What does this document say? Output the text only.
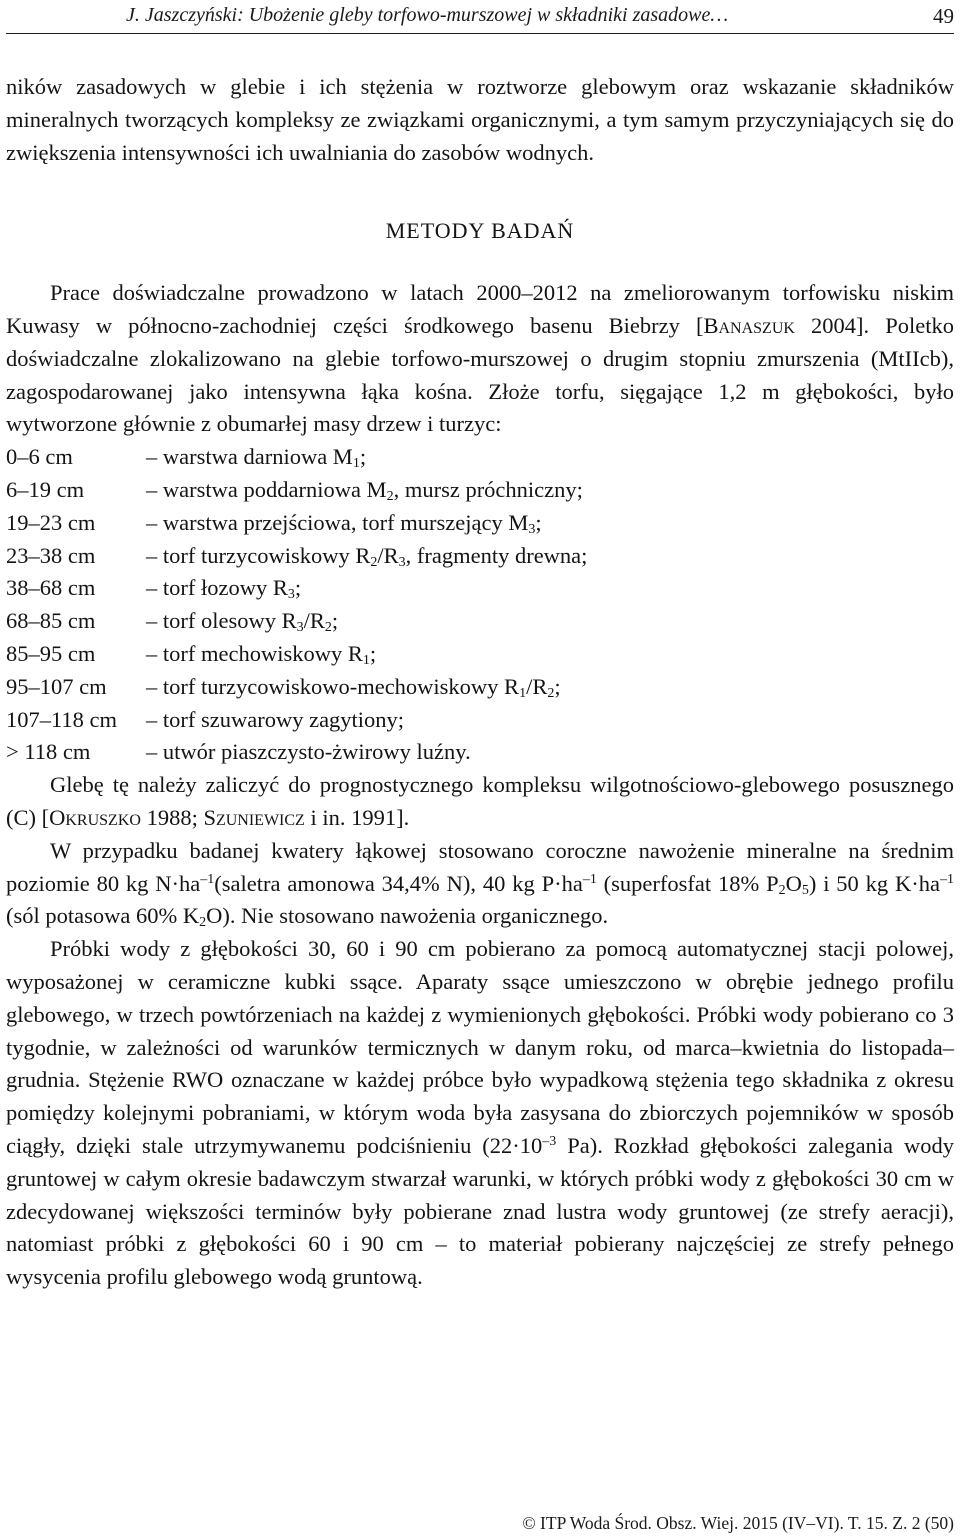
J. Jaszczyński: Ubożenie gleby torfowo-murszowej w składniki zasadowe…	49

ników zasadowych w glebie i ich stężenia w roztworze glebowym oraz wskazanie składników mineralnych tworzących kompleksy ze związkami organicznymi, a tym samym przyczyniających się do zwiększenia intensywności ich uwalniania do zasobów wodnych.

METODY BADAŃ

Prace doświadczalne prowadzono w latach 2000–2012 na zmeliorowanym torfowisku niskim Kuwasy w północno-zachodniej części środkowego basenu Biebrzy [Banaszuk 2004]. Poletko doświadczalne zlokalizowano na glebie torfowo-murszowej o drugim stopniu zmurszenia (MtIIcb), zagospodarowanej jako intensywna łąka kośna. Złoże torfu, sięgające 1,2 m głębokości, było wytworzone głównie z obumarłej masy drzew i turzyc:

0–6 cm	– warstwa darniowa $M_1$;
6–19 cm	– warstwa poddarniowa $M_2$, mursz próchniczny;
19–23 cm	– warstwa przejściowa, torf murszejący $M_3$;
23–38 cm	– torf turzycowiskowy $R_2/R_3$, fragmenty drewna;
38–68 cm	– torf łozowy $R_3$;
68–85 cm	– torf olesowy $R_3/R_2$;
85–95 cm	– torf mechowiskowy $R_1$;
95–107 cm	– torf turzycowiskowo-mechowiskowy $R_1/R_2$;
107–118 cm	– torf szuwarowy zagytiony;
> 118 cm	– utwór piaszczysto-żwirowy luźny.

Glebę tę należy zaliczyć do prognostycznego kompleksu wilgotnościowo-glebowego posusznego (C) [Okruszko 1988; Szuniewicz i in. 1991].

W przypadku badanej kwatery łąkowej stosowano coroczne nawożenie mineralne na średnim poziomie 80 kg $N\cdot ha^{-1}(saletra$ amonowa 34,4% N), 40 kg $P\cdot ha^{-1}$ (superfosfat 18% $P_2O_5$) i 50 kg $K\cdot ha^{-1}$ (sól potasowa 60% $K_2O$). Nie stosowano nawożenia organicznego.

Próbki wody z głębokości 30, 60 i 90 cm pobierano za pomocą automatycznej stacji polowej, wyposażonej w ceramiczne kubki ssące. Aparaty ssące umieszczono w obrębie jednego profilu glebowego, w trzech powtórzeniach na każdej z wymienionych głębokości. Próbki wody pobierano co 3 tygodnie, w zależności od warunków termicznych w danym roku, od marca–kwietnia do listopada–grudnia. Stężenie RWO oznaczane w każdej próbce było wypadkową stężenia tego składnika z okresu pomiędzy kolejnymi pobraniami, w którym woda była zasysana do zbiorczych pojemników w sposób ciągły, dzięki stale utrzymywanemu podciśnieniu ($22\cdot 10^{-3}$ Pa). Rozkład głębokości zalegania wody gruntowej w całym okresie badawczym stwarzał warunki, w których próbki wody z głębokości 30 cm w zdecydowanej większości terminów były pobierane znad lustra wody gruntowej (ze strefy aeracji), natomiast próbki z głębokości 60 i 90 cm – to materiał pobierany najczęściej ze strefy pełnego wysycenia profilu glebowego wodą gruntową.

© ITP Woda Środ. Obsz. Wiej. 2015 (IV–VI). T. 15. Z. 2 (50)
